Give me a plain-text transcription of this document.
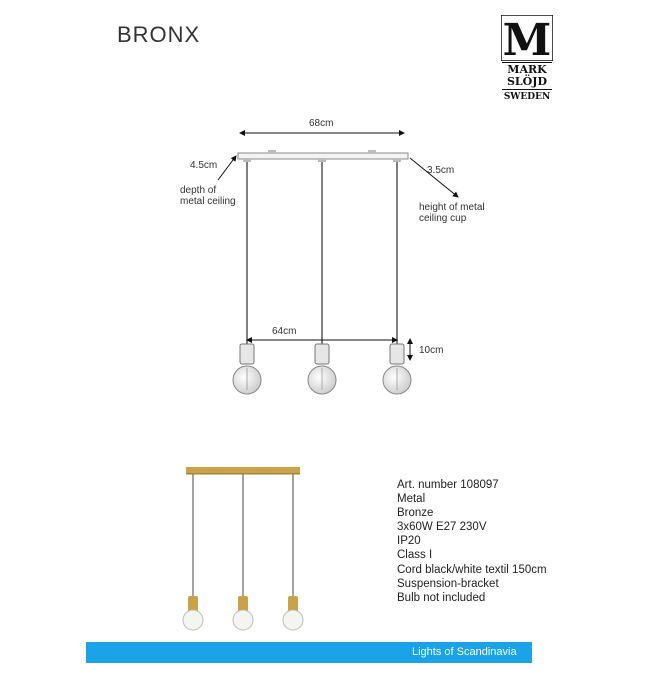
BRONX	M
MARK
SLÖJD
SWEDEN
68cm
4.5cm
depth of
metal ceiling
3.5cm
height of metal
ceiling cup
64cm
10cm
Art. number 108097
Metal
Bronze
3x60W E27 230V
IP20
Class I
Cord black/white textil 150cm
Suspension-bracket
Bulb not included
Lights of Scandinavia
